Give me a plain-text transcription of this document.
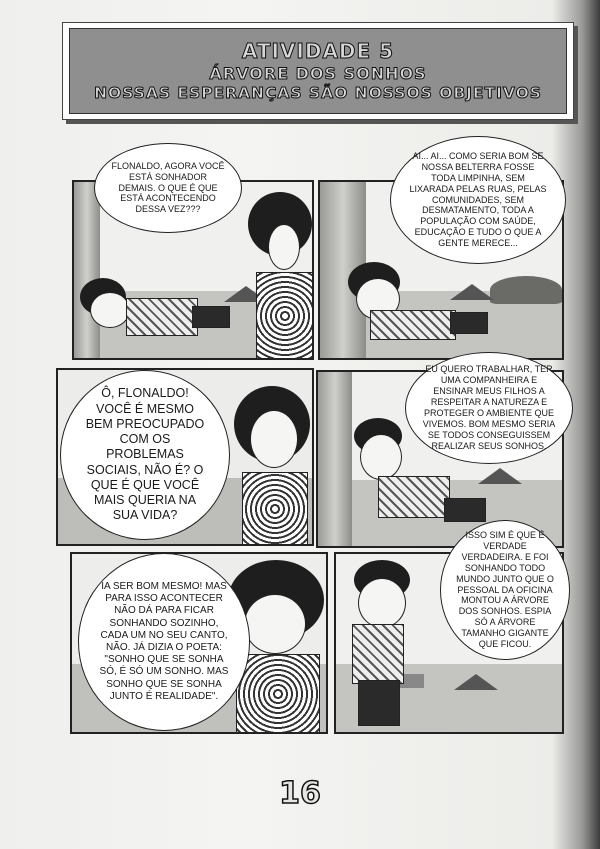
ATIVIDADE 5
ÁRVORE DOS SONHOS
NOSSAS ESPERANÇAS SÃO NOSSOS OBJETIVOS
FLONALDO, AGORA VOCÊ ESTÁ SONHADOR DEMAIS. O QUE É QUE ESTÁ ACONTECENDO DESSA VEZ???
AI... AI... COMO SERIA BOM SE NOSSA BELTERRA FOSSE TODA LIMPINHA, SEM LIXARADA PELAS RUAS, PELAS COMUNIDADES, SEM DESMATAMENTO, TODA A POPULAÇÃO COM SAÚDE, EDUCAÇÃO E TUDO O QUE A GENTE MERECE...
Ô, FLONALDO! VOCÊ É MESMO BEM PREOCUPADO COM OS PROBLEMAS SOCIAIS, NÃO É? O QUE É QUE VOCÊ MAIS QUERIA NA SUA VIDA?
EU QUERO TRABALHAR, TER UMA COMPANHEIRA E ENSINAR MEUS FILHOS A RESPEITAR A NATUREZA E PROTEGER O AMBIENTE QUE VIVEMOS. BOM MESMO SERIA SE TODOS CONSEGUISSEM REALIZAR SEUS SONHOS.
IA SER BOM MESMO! MAS PARA ISSO ACONTECER NÃO DÁ PARA FICAR SONHANDO SOZINHO, CADA UM NO SEU CANTO, NÃO. JÁ DIZIA O POETA: "SONHO QUE SE SONHA SÓ, É SÓ UM SONHO. MAS SONHO QUE SE SONHA JUNTO É REALIDADE".
ISSO SIM É QUE É VERDADE VERDADEIRA. E FOI SONHANDO TODO MUNDO JUNTO QUE O PESSOAL DA OFICINA MONTOU A ÁRVORE DOS SONHOS. ESPIA SÓ A ÁRVORE TAMANHO GIGANTE QUE FICOU.
16
